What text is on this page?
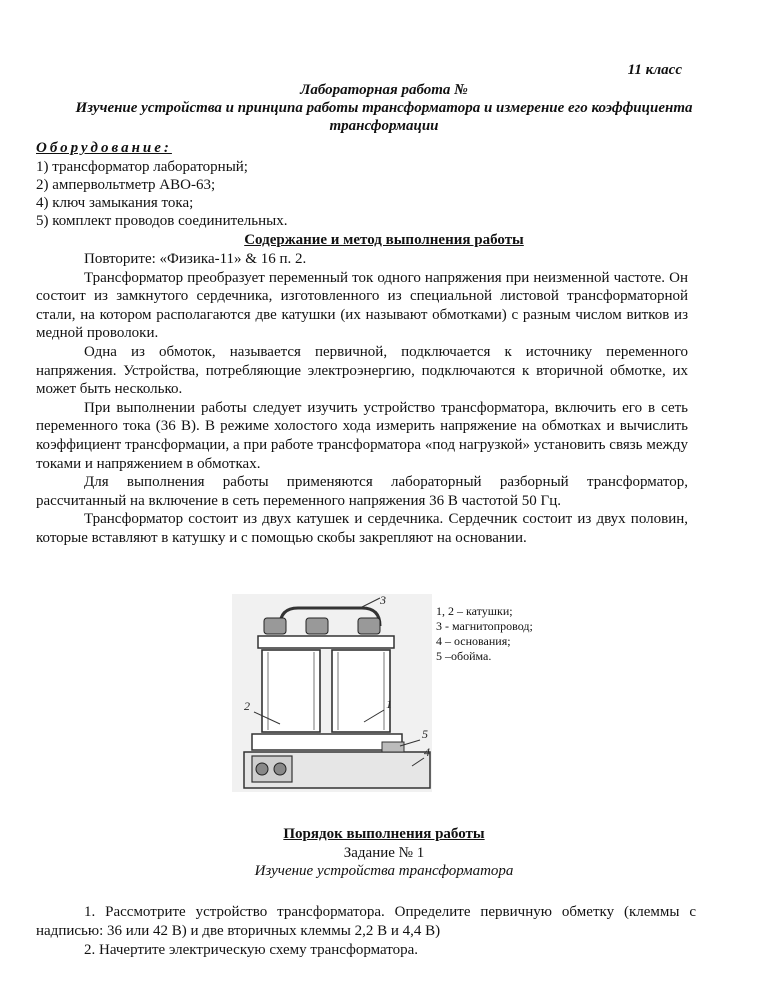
11 класс
Лабораторная работа №
Изучение устройства и принципа работы трансформатора и измерение его коэффициента трансформации
Оборудование:
1) трансформатор лабораторный;
2) ампервольтметр АВО-63;
4) ключ замыкания тока;
5) комплект проводов соединительных.
Содержание и метод выполнения работы

Повторите: «Физика-11» & 16 п. 2.

Трансформатор преобразует переменный ток одного напряжения при неизменной частоте. Он состоит из замкнутого сердечника, изготовленного из специальной листовой трансформаторной стали, на котором располагаются две катушки (их называют обмотками) с разным числом витков из медной проволоки.

Одна из обмоток, называется первичной, подключается к источнику переменного напряжения. Устройства, потребляющие электроэнергию, подключаются к вторичной обмотке, их может быть несколько.

При выполнении работы следует изучить устройство трансформатора, включить его в сеть переменного тока (36 В). В режиме холостого хода измерить напряжение на обмотках и вычислить коэффициент трансформации, а при работе трансформатора «под нагрузкой» установить связь между токами и напряжением в обмотках.

Для выполнения работы применяются лабораторный разборный трансформатор, рассчитанный на включение в сеть переменного напряжения 36 В частотой 50 Гц.

Трансформатор состоит из двух катушек и сердечника. Сердечник состоит из двух половин, которые вставляют в катушку и с помощью скобы закрепляют на основании.

2	1
3
5
4
1, 2 – катушки;
3 - магнитопровод;
4 – основания;
5 –обойма.
Порядок выполнения работы
Задание № 1
Изучение устройства трансформатора

1. Рассмотрите устройство трансформатора. Определите первичную обметку (клеммы с надписью: 36 или 42 В) и две вторичных клеммы 2,2 В и 4,4 В)

2. Начертите электрическую схему трансформатора.
